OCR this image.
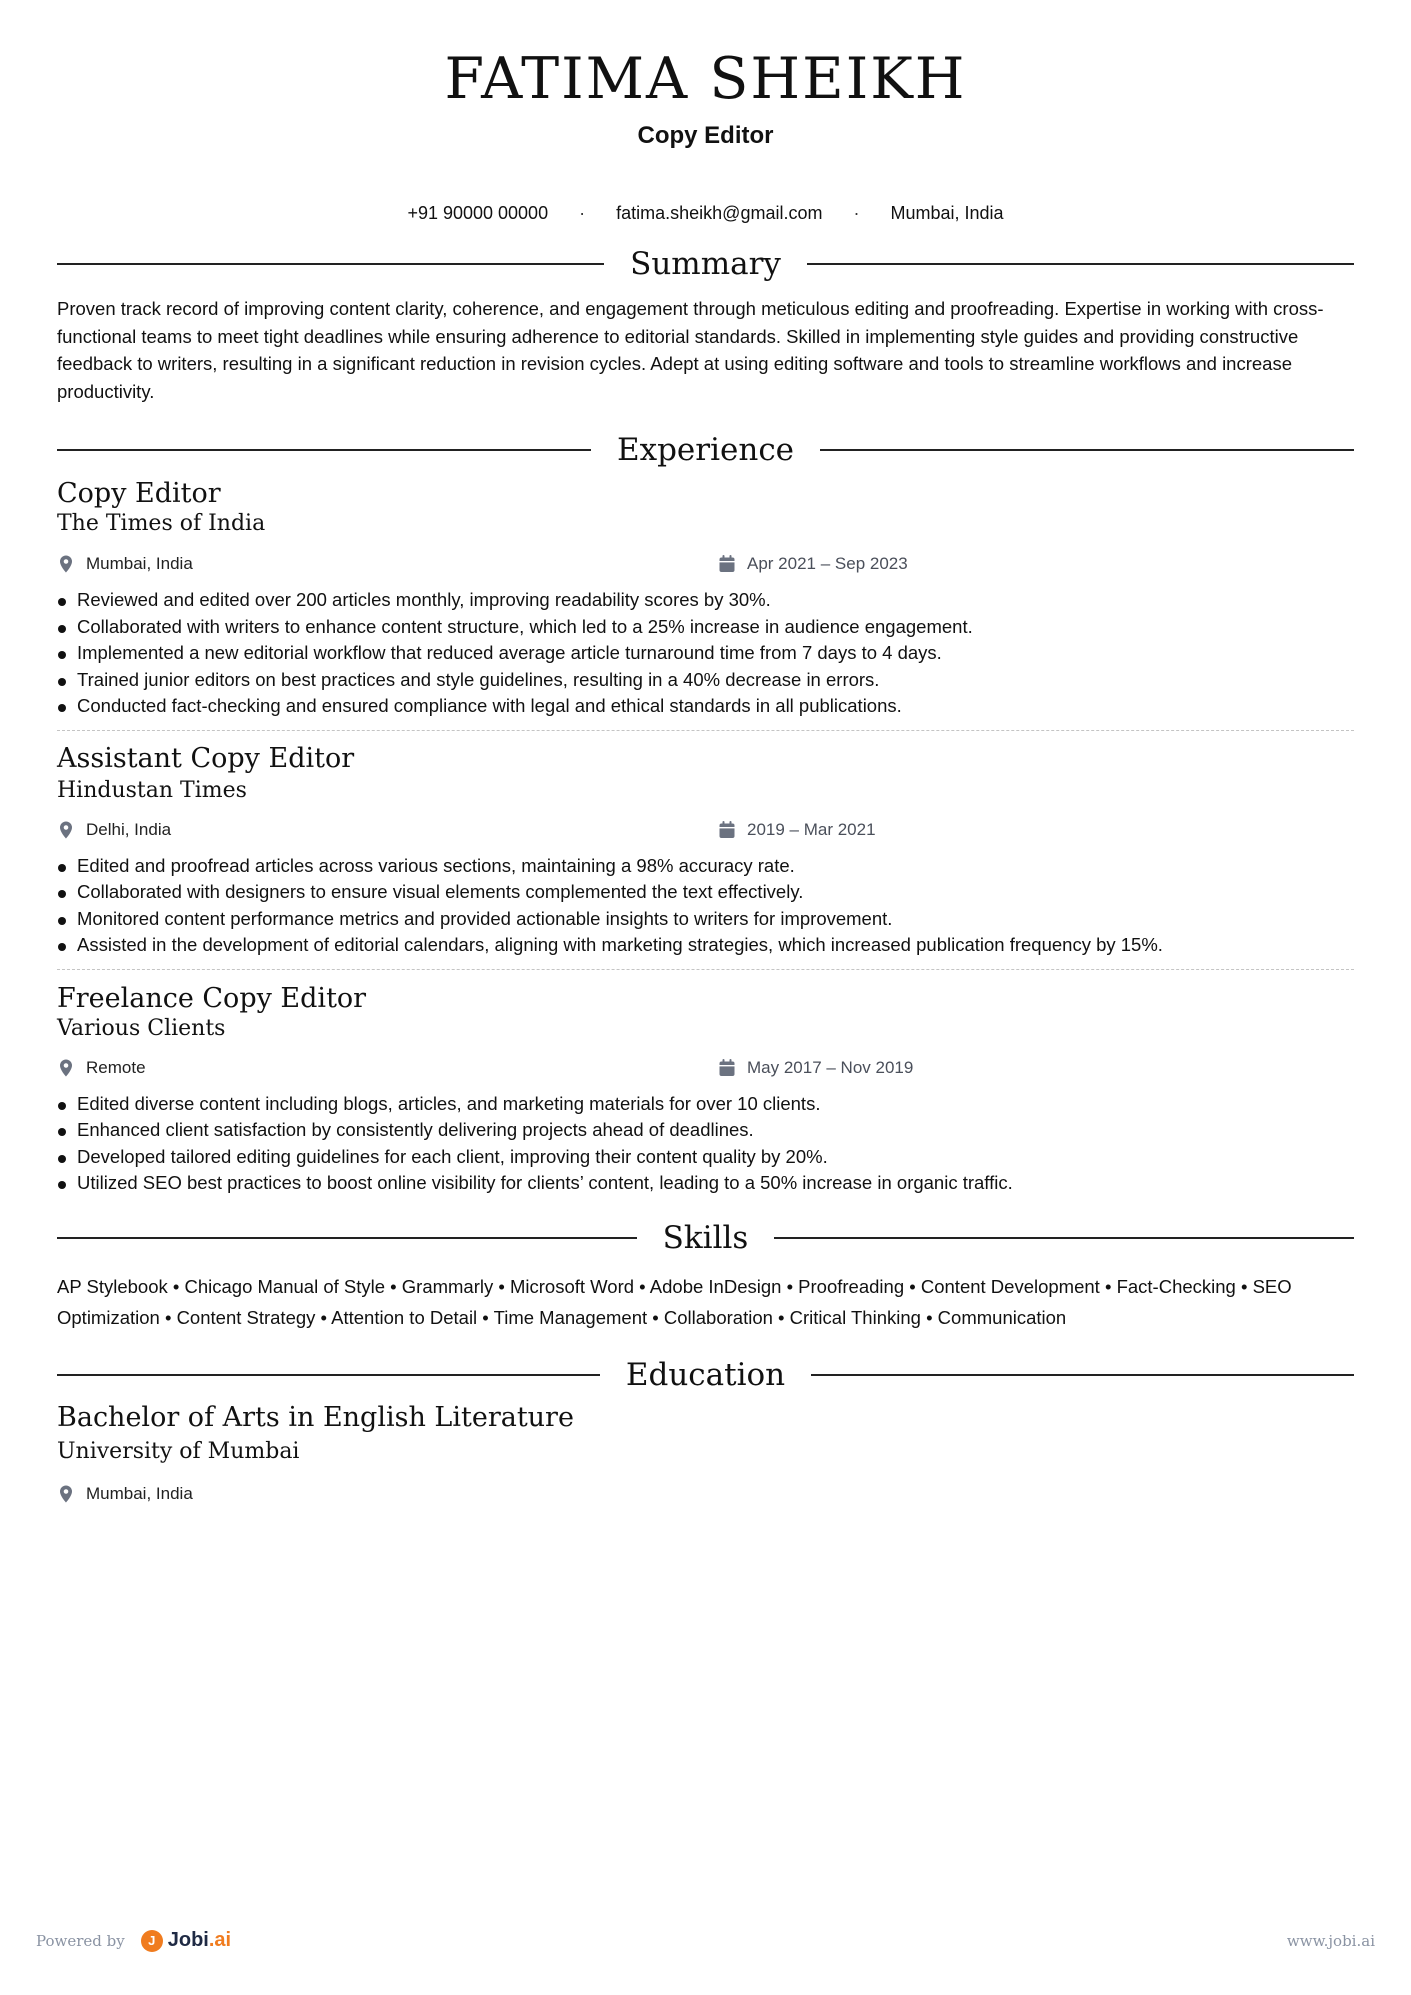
FATIMA SHEIKH
Copy Editor
+91 90000 00000 · fatima.sheikh@gmail.com · Mumbai, India
Summary

Proven track record of improving content clarity, coherence, and engagement through meticulous editing and proofreading. Expertise in working with cross-functional teams to meet tight deadlines while ensuring adherence to editorial standards. Skilled in implementing style guides and providing constructive feedback to writers, resulting in a significant reduction in revision cycles. Adept at using editing software and tools to streamline workflows and increase productivity.

Experience
Copy Editor
The Times of India
Mumbai, India	Apr 2021 – Sep 2023
Reviewed and edited over 200 articles monthly, improving readability scores by 30%.
Collaborated with writers to enhance content structure, which led to a 25% increase in audience engagement.
Implemented a new editorial workflow that reduced average article turnaround time from 7 days to 4 days.
Trained junior editors on best practices and style guidelines, resulting in a 40% decrease in errors.
Conducted fact-checking and ensured compliance with legal and ethical standards in all publications.
Assistant Copy Editor
Hindustan Times
Delhi, India	2019 – Mar 2021
Edited and proofread articles across various sections, maintaining a 98% accuracy rate.
Collaborated with designers to ensure visual elements complemented the text effectively.
Monitored content performance metrics and provided actionable insights to writers for improvement.
Assisted in the development of editorial calendars, aligning with marketing strategies, which increased publication frequency by 15%.
Freelance Copy Editor
Various Clients
Remote	May 2017 – Nov 2019
Edited diverse content including blogs, articles, and marketing materials for over 10 clients.
Enhanced client satisfaction by consistently delivering projects ahead of deadlines.
Developed tailored editing guidelines for each client, improving their content quality by 20%.
Utilized SEO best practices to boost online visibility for clients’ content, leading to a 50% increase in organic traffic.
Skills
AP Stylebook • Chicago Manual of Style • Grammarly • Microsoft Word • Adobe InDesign • Proofreading • Content Development • Fact-Checking • SEO Optimization • Content Strategy • Attention to Detail • Time Management • Collaboration • Critical Thinking • Communication
Education
Bachelor of Arts in English Literature
University of Mumbai
Mumbai, India
Powered by	J Jobi.ai	www.jobi.ai
